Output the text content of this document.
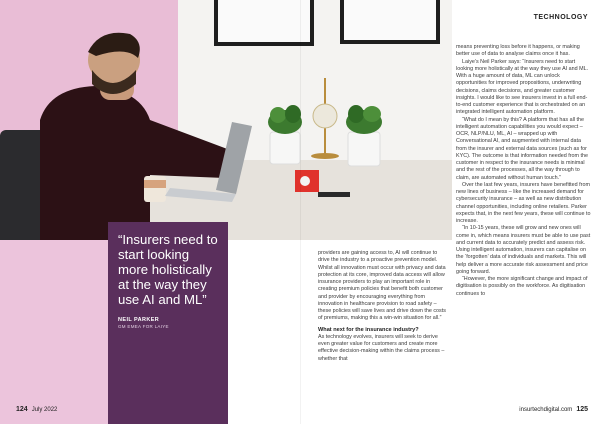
TECHNOLOGY

“Insurers need to start looking more holistically at the way they use AI and ML”

NEIL PARKER
GM EMEA FOR LAIYE

providers are gaining access to, AI will continue to drive the industry to a proactive prevention model. Whilst all innovation must occur with privacy and data protection at its core, improved data access will allow insurance providers to play an important role in creating premium policies that benefit both customer and provider by encouraging everything from innovation in healthcare provision to road safety – these policies will save lives and drive down the costs of premiums, making this a win-win situation for all.”

What next for the insurance industry?

As technology evolves, insurers will seek to derive even greater value for customers and create more effective decision-making within the claims process – whether that

means preventing loss before it happens, or making better use of data to analyse claims once it has.

Laiye’s Neil Parker says: “Insurers need to start looking more holistically at the way they use AI and ML. With a huge amount of data, ML can unlock opportunities for improved propositions, underwriting decisions, claims decisions, and greater customer insights. I would like to see insurers invest in a full end-to-end customer experience that is orchestrated on an integrated intelligent automation platform.

“What do I mean by this? A platform that has all the intelligent automation capabilities you would expect – OCR, NLP/NLU, ML, AI – wrapped up with Conversational AI, and augmented with internal data from the insurer and external data sources (such as for KYC). The outcome is that information needed from the customer in respect to the insurance needs is minimal and the rest of the processes, all the way through to claim, are automated without human touch.”

Over the last few years, insurers have benefitted from new lines of business – like the increased demand for cybersecurity insurance – as well as new distribution channel opportunities, including online retailers. Parker expects that, in the next few years, these will continue to increase.

“In 10-15 years, these will grow and new ones will come in, which means insurers must be able to use past and current data to accurately predict and assess risk. Using intelligent automation, insurers can capitalise on the ‘forgotten’ data of individuals and markets. This will help deliver a more accurate risk assessment and price going forward.

“However, the more significant change and impact of digitisation is possibly on the workforce. As digitisation continues to

124 July 2022	insurtechdigital.com 125
